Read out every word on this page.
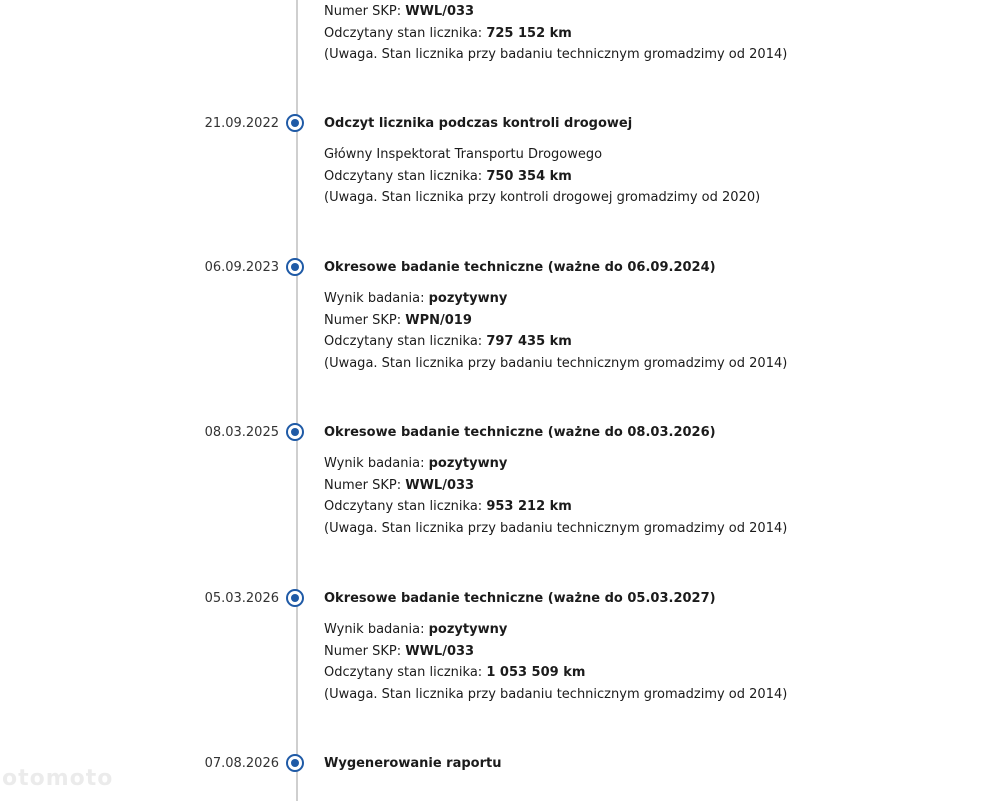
Numer SKP: WWL/033
Odczytany stan licznika: 725 152 km
(Uwaga. Stan licznika przy badaniu technicznym gromadzimy od 2014)
21.09.2022	Odczyt licznika podczas kontroli drogowej
Główny Inspektorat Transportu Drogowego
Odczytany stan licznika: 750 354 km
(Uwaga. Stan licznika przy kontroli drogowej gromadzimy od 2020)
06.09.2023	Okresowe badanie techniczne (ważne do 06.09.2024)
Wynik badania: pozytywny
Numer SKP: WPN/019
Odczytany stan licznika: 797 435 km
(Uwaga. Stan licznika przy badaniu technicznym gromadzimy od 2014)
08.03.2025	Okresowe badanie techniczne (ważne do 08.03.2026)
Wynik badania: pozytywny
Numer SKP: WWL/033
Odczytany stan licznika: 953 212 km
(Uwaga. Stan licznika przy badaniu technicznym gromadzimy od 2014)
05.03.2026	Okresowe badanie techniczne (ważne do 05.03.2027)
Wynik badania: pozytywny
Numer SKP: WWL/033
Odczytany stan licznika: 1 053 509 km
(Uwaga. Stan licznika przy badaniu technicznym gromadzimy od 2014)
07.08.2026	Wygenerowanie raportu
otomoto
